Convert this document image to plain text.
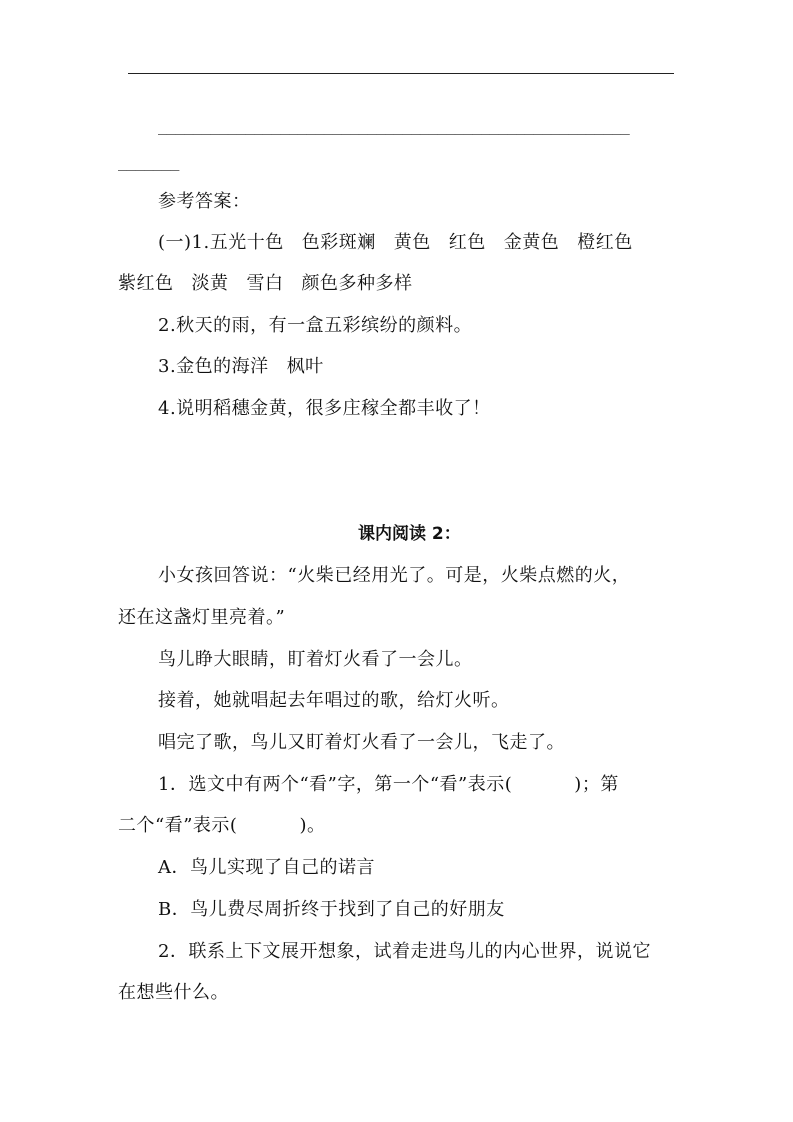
______________________________________________________
_______
参考答案：
(一)1.五光十色 色彩斑斓 黄色 红色 金黄色 橙红色
紫红色 淡黄 雪白 颜色多种多样
2.秋天的雨，有一盒五彩缤纷的颜料。
3.金色的海洋 枫叶
4.说明稻穗金黄，很多庄稼全都丰收了！
课内阅读 2：
小女孩回答说：“火柴已经用光了。可是，火柴点燃的火，
还在这盏灯里亮着。”
鸟儿睁大眼睛，盯着灯火看了一会儿。
接着，她就唱起去年唱过的歌，给灯火听。
唱完了歌，鸟儿又盯着灯火看了一会儿，飞走了。
1．选文中有两个“看”字，第一个“看”表示(	)；第
二个“看”表示(	)。
A．鸟儿实现了自己的诺言
B．鸟儿费尽周折终于找到了自己的好朋友
2．联系上下文展开想象，试着走进鸟儿的内心世界，说说它
在想些什么。
